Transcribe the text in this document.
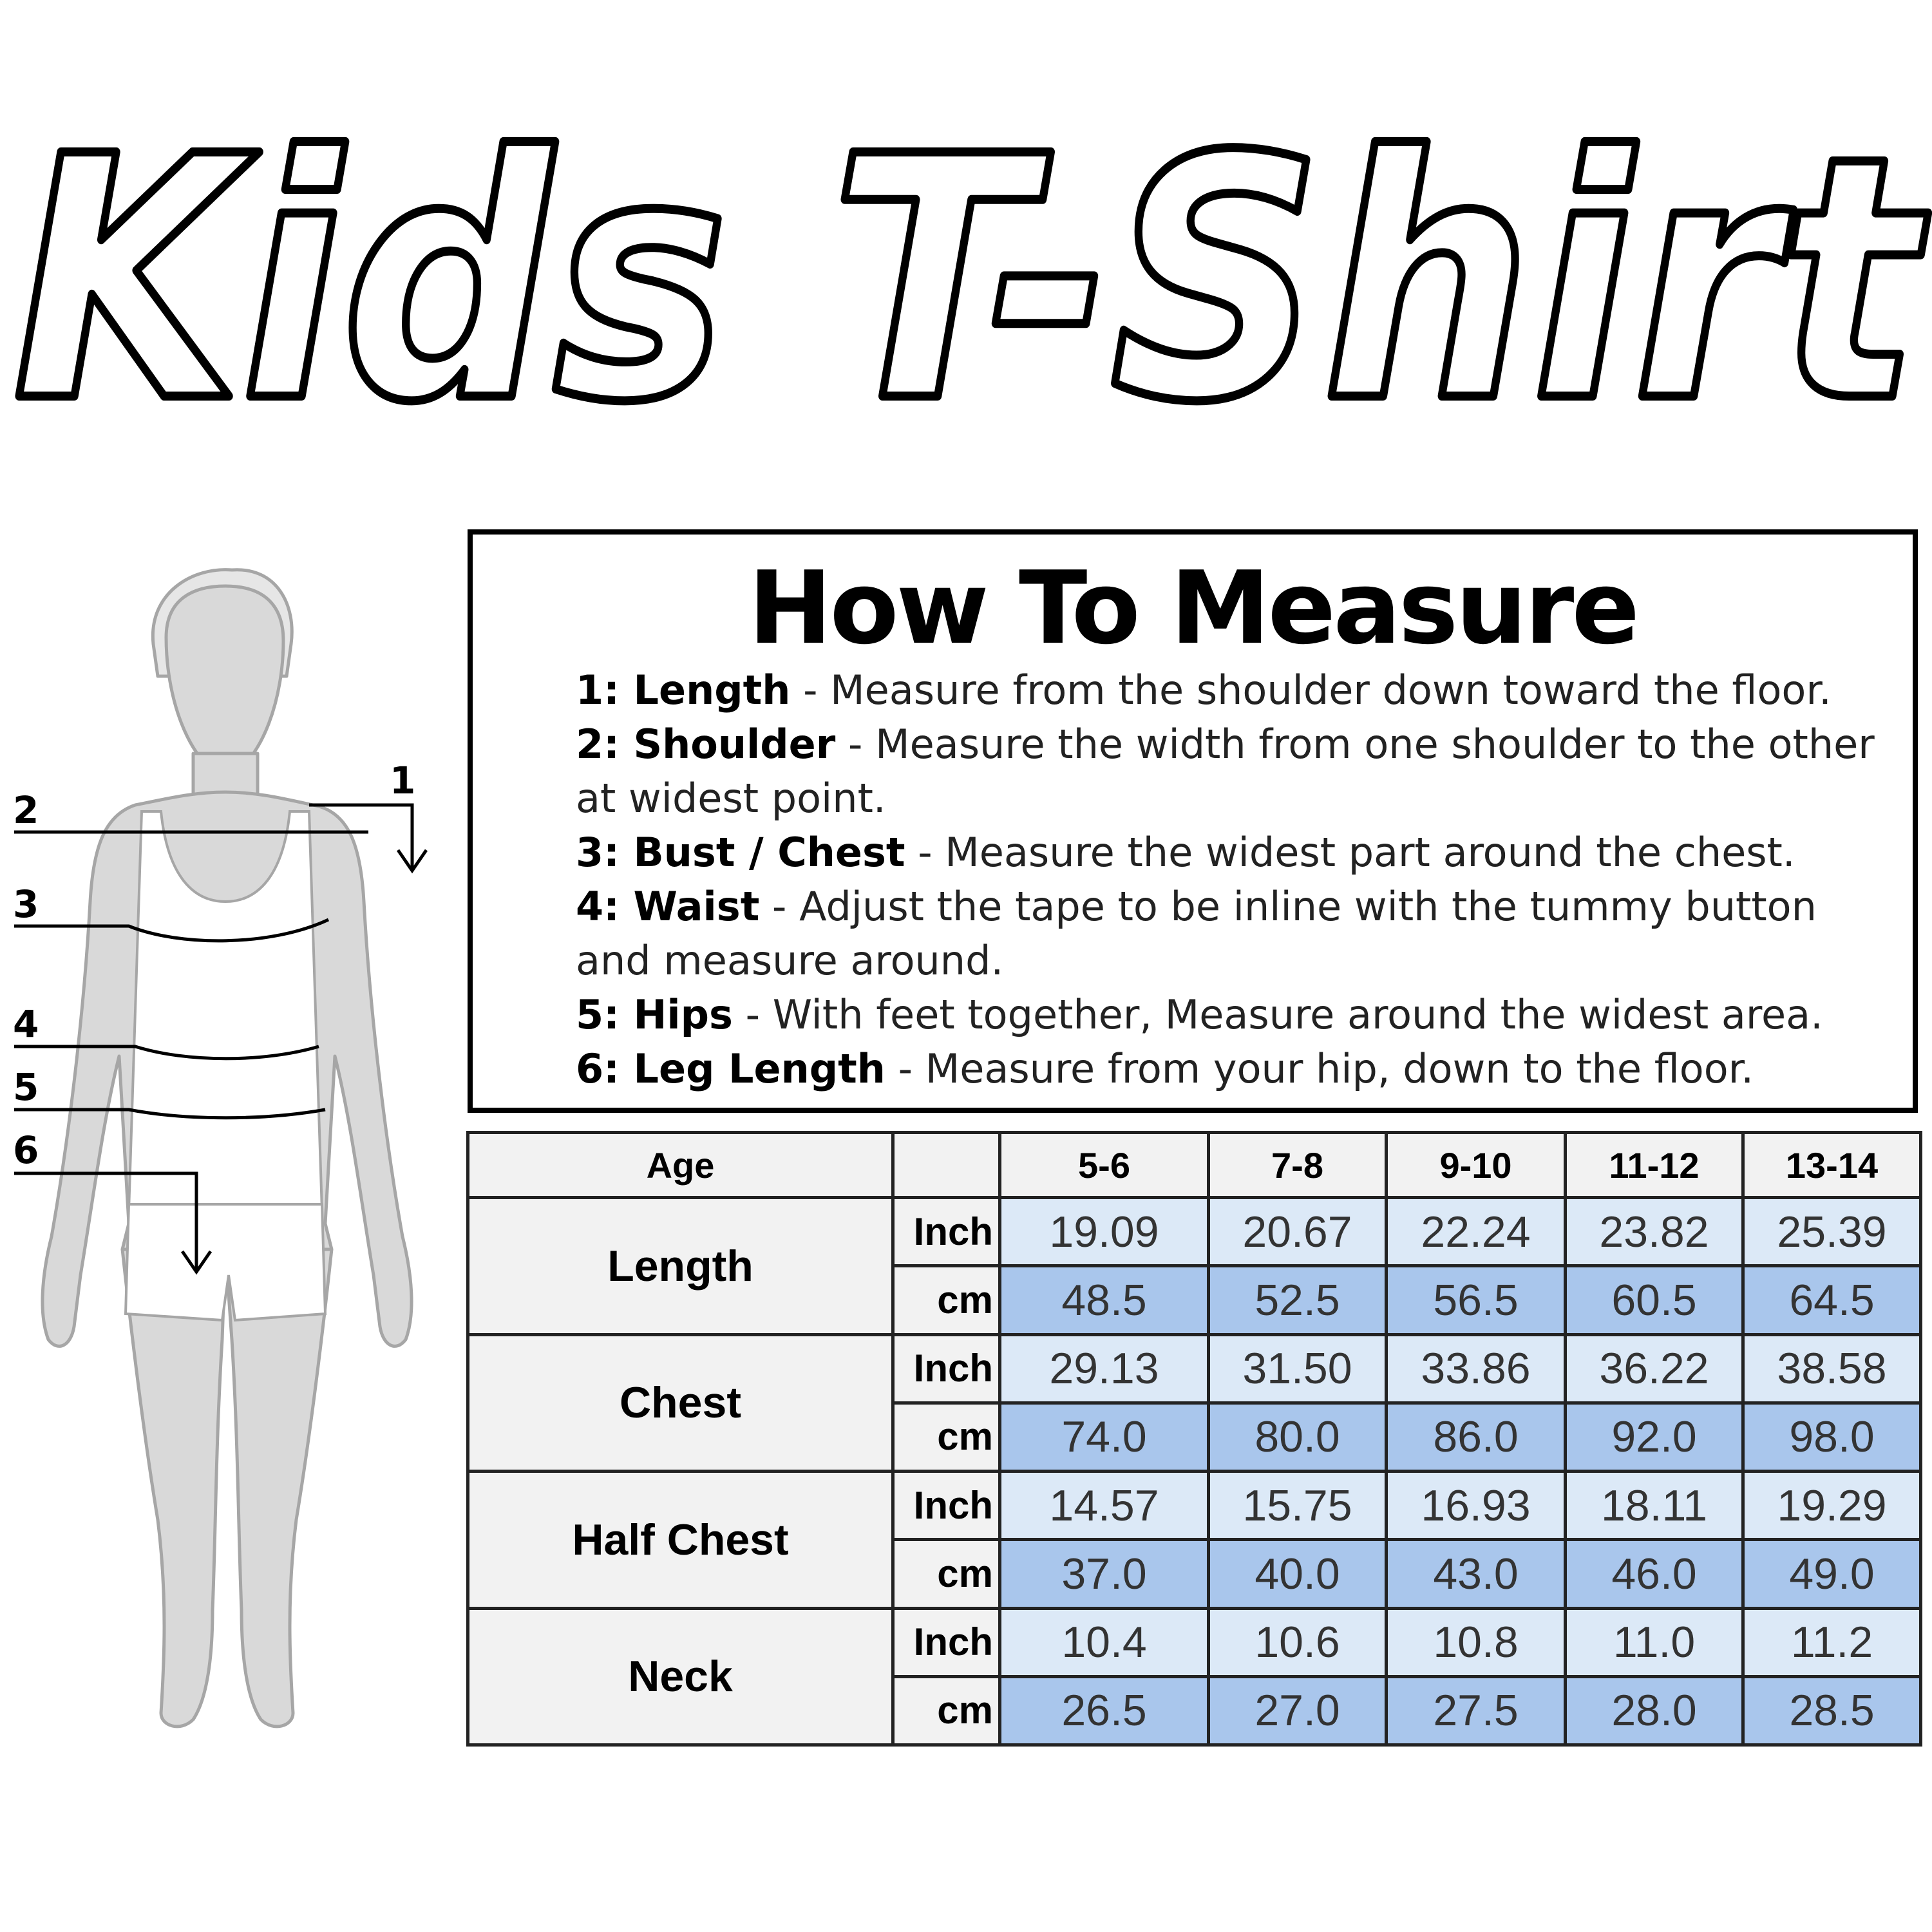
Kids T-Shirt
1
2
3
4
5
6
How To Measure
1: Length - Measure from the shoulder down toward the floor.
2: Shoulder - Measure the width from one shoulder to the other at widest point.
3: Bust / Chest - Measure the widest part around the chest.
4: Waist - Adjust the tape to be inline with the tummy button and measure around.
5: Hips - With feet together, Measure around the widest area.
6: Leg Length - Measure from your hip, down to the floor.
Age		5-6	7-8	9-10	11-12	13-14
Length	Inch	19.09	20.67	22.24	23.82	25.39
	cm	48.5	52.5	56.5	60.5	64.5
Chest	Inch	29.13	31.50	33.86	36.22	38.58
	cm	74.0	80.0	86.0	92.0	98.0
Half Chest	Inch	14.57	15.75	16.93	18.11	19.29
	cm	37.0	40.0	43.0	46.0	49.0
Neck	Inch	10.4	10.6	10.8	11.0	11.2
	cm	26.5	27.0	27.5	28.0	28.5
